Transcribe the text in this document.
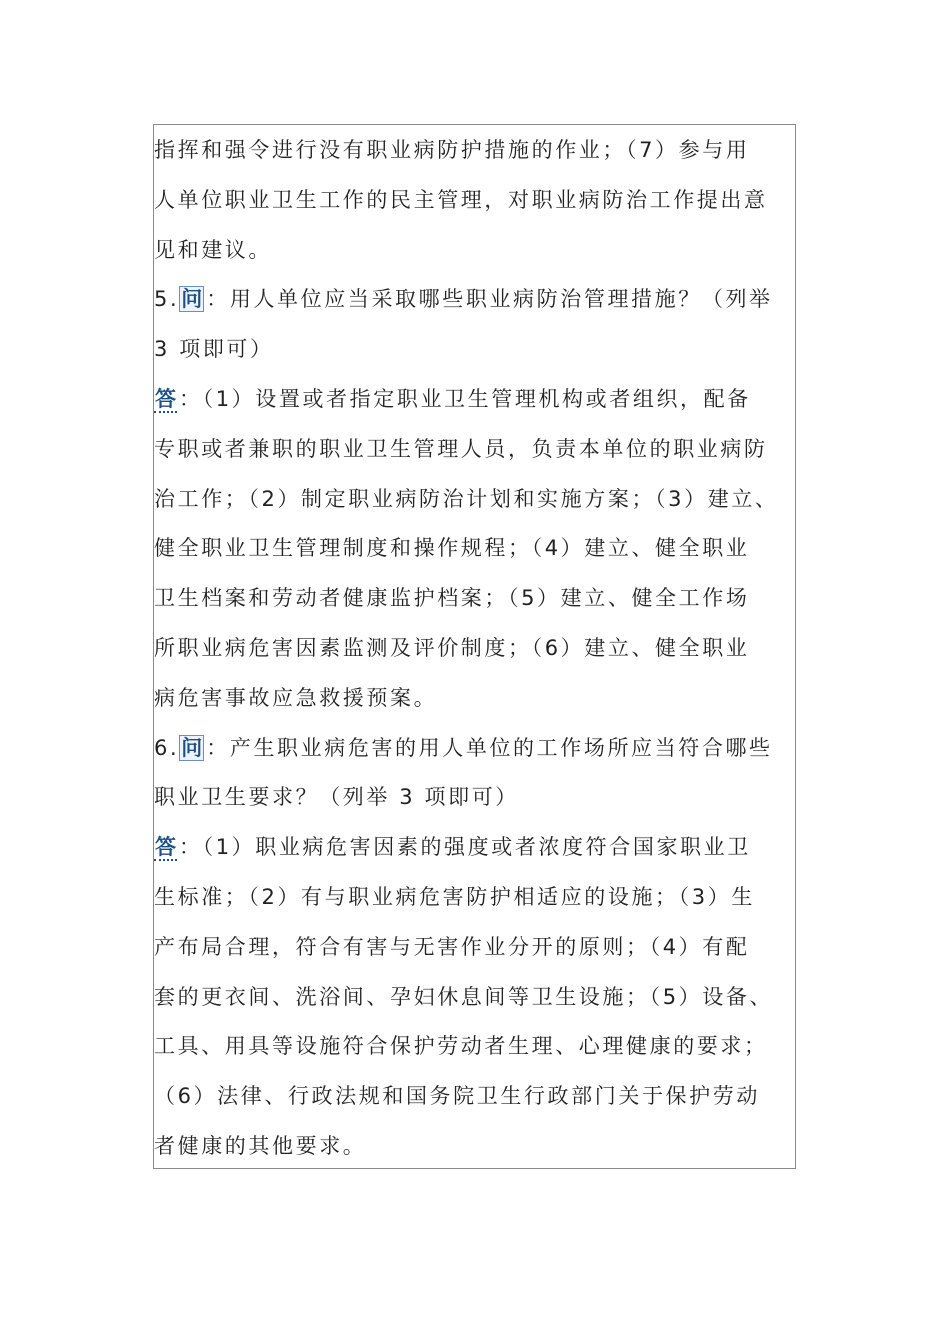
指挥和强令进行没有职业病防护措施的作业；（7）参与用
人单位职业卫生工作的民主管理，对职业病防治工作提出意
见和建议。
5.问 ：用人单位应当采取哪些职业病防治管理措施？（列举
3 项即可）
答 ：（1）设置或者指定职业卫生管理机构或者组织，配备
专职或者兼职的职业卫生管理人员，负责本单位的职业病防
治工作；（2）制定职业病防治计划和实施方案；（3）建立、
健全职业卫生管理制度和操作规程；（4）建立、健全职业
卫生档案和劳动者健康监护档案；（5）建立、健全工作场
所职业病危害因素监测及评价制度；（6）建立、健全职业
病危害事故应急救援预案。
6.问 ：产生职业病危害的用人单位的工作场所应当符合哪些
职业卫生要求？（列举 3 项即可）
答 ：（1）职业病危害因素的强度或者浓度符合国家职业卫
生标准；（2）有与职业病危害防护相适应的设施；（3）生
产布局合理，符合有害与无害作业分开的原则；（4）有配
套的更衣间、洗浴间、孕妇休息间等卫生设施；（5）设备、
工具、用具等设施符合保护劳动者生理、心理健康的要求；
（6）法律、行政法规和国务院卫生行政部门关于保护劳动
者健康的其他要求。
